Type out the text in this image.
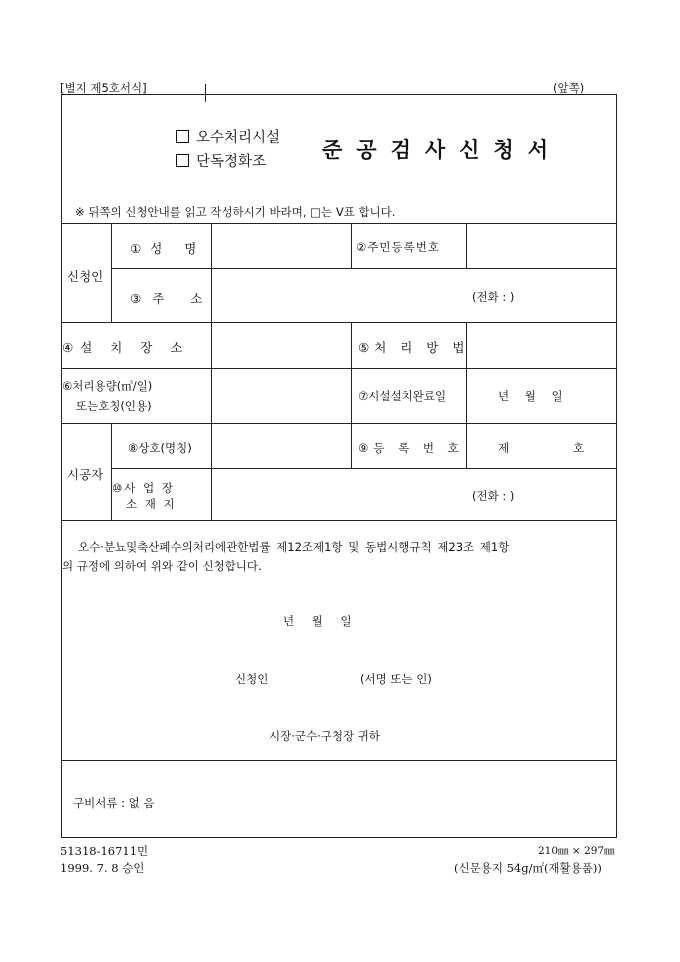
[별지 제5호서식]	(앞쪽)
오수처리시설
단독정화조	준공검사신청서
※ 뒤쪽의 신청안내를 읽고 작성하시기 바라며, □는 V표 합니다.
신청인
①성 명	②주민등록번호
③주 소	(전화 : )
④설 치 장 소	⑤처 리 방 법
⑥처리용량(㎥/일)
또는호칭(인용)
⑦시설설치완료일	년 월 일
시공자
⑧상호(명칭)	⑨등 록 번 호	제	호
⑩사 업 장
소 재 지
(전화 : )
오수·분뇨및축산폐수의처리에관한법률 제12조제1항 및 동법시행규칙 제23조 제1항
의 규정에 의하여 위와 같이 신청합니다.
년 월 일
신청인	(서명 또는 인)
시장·군수·구청장 귀하
구비서류 : 없 음
51318-16711민
1999. 7. 8 승인
210㎜ × 297㎜
(신문용지 54g/㎡(재활용품))
